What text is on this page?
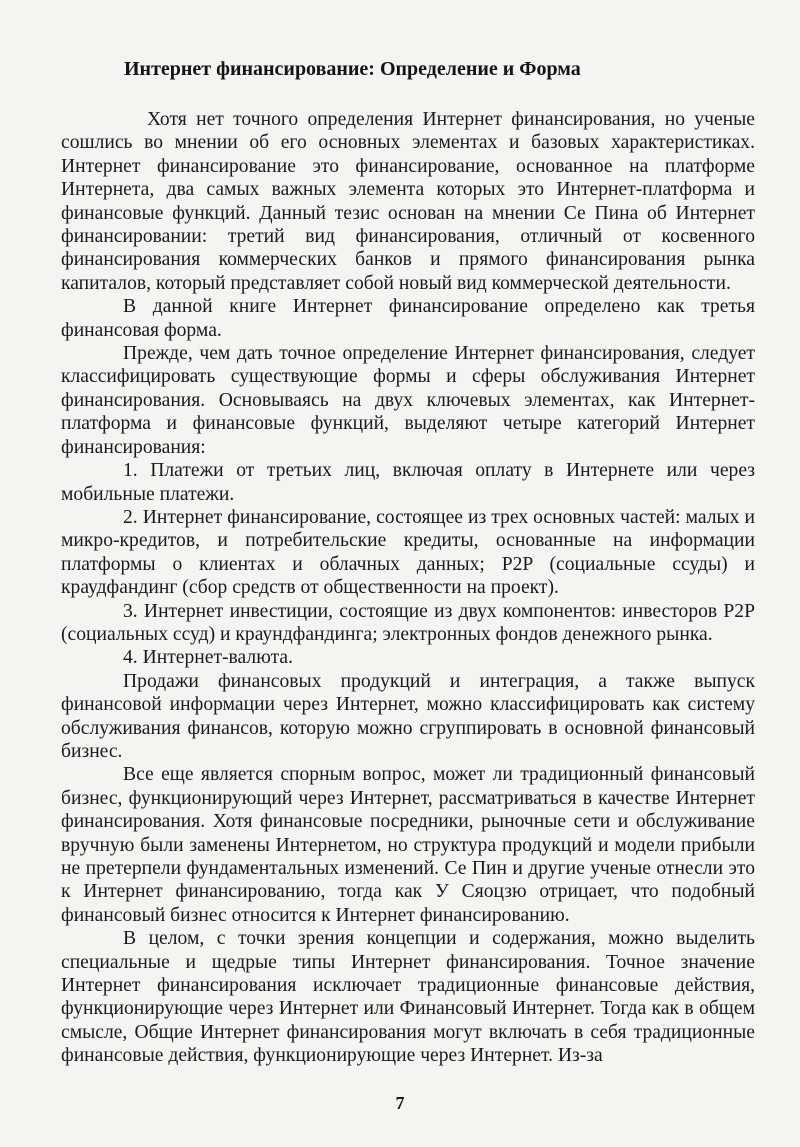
Интернет финансирование: Определение и Форма

Хотя нет точного определения Интернет финансирования, но ученые сошлись во мнении об его основных элементах и базовых характеристиках. Интернет финансирование это финансирование, основанное на платформе Интернета, два самых важных элемента которых это Интернет-платформа и финансовые функций. Данный тезис основан на мнении Се Пина об Интернет финансировании: третий вид финансирования, отличный от косвенного финансирования коммерческих банков и прямого финансирования рынка капиталов, который представляет собой новый вид коммерческой деятельности.

В данной книге Интернет финансирование определено как третья финансовая форма.

Прежде, чем дать точное определение Интернет финансирования, следует классифицировать существующие формы и сферы обслуживания Интернет финансирования. Основываясь на двух ключевых элементах, как Интернет-платформа и финансовые функций, выделяют четыре категорий Интернет финансирования:

1. Платежи от третьих лиц, включая оплату в Интернете или через мобильные платежи.

2. Интернет финансирование, состоящее из трех основных частей: малых и микро-кредитов, и потребительские кредиты, основанные на информации платформы о клиентах и облачных данных; P2P (социальные ссуды) и краудфандинг (сбор средств от общественности на проект).

3. Интернет инвестиции, состоящие из двух компонентов: инвесторов P2P (социальных ссуд) и краундфандинга; электронных фондов денежного рынка.

4. Интернет-валюта.

Продажи финансовых продукций и интеграция, а также выпуск финансовой информации через Интернет, можно классифицировать как систему обслуживания финансов, которую можно сгруппировать в основной финансовый бизнес.

Все еще является спорным вопрос, может ли традиционный финансовый бизнес, функционирующий через Интернет, рассматриваться в качестве Интернет финансирования. Хотя финансовые посредники, рыночные сети и обслуживание вручную были заменены Интернетом, но структура продукций и модели прибыли не претерпели фундаментальных изменений. Се Пин и другие ученые отнесли это к Интернет финансированию, тогда как У Сяоцзю отрицает, что подобный финансовый бизнес относится к Интернет финансированию.

В целом, с точки зрения концепции и содержания, можно выделить специальные и щедрые типы Интернет финансирования. Точное значение Интернет финансирования исключает традиционные финансовые действия, функционирующие через Интернет или Финансовый Интернет. Тогда как в общем смысле, Общие Интернет финансирования могут включать в себя традиционные финансовые действия, функционирующие через Интернет. Из-за

7
